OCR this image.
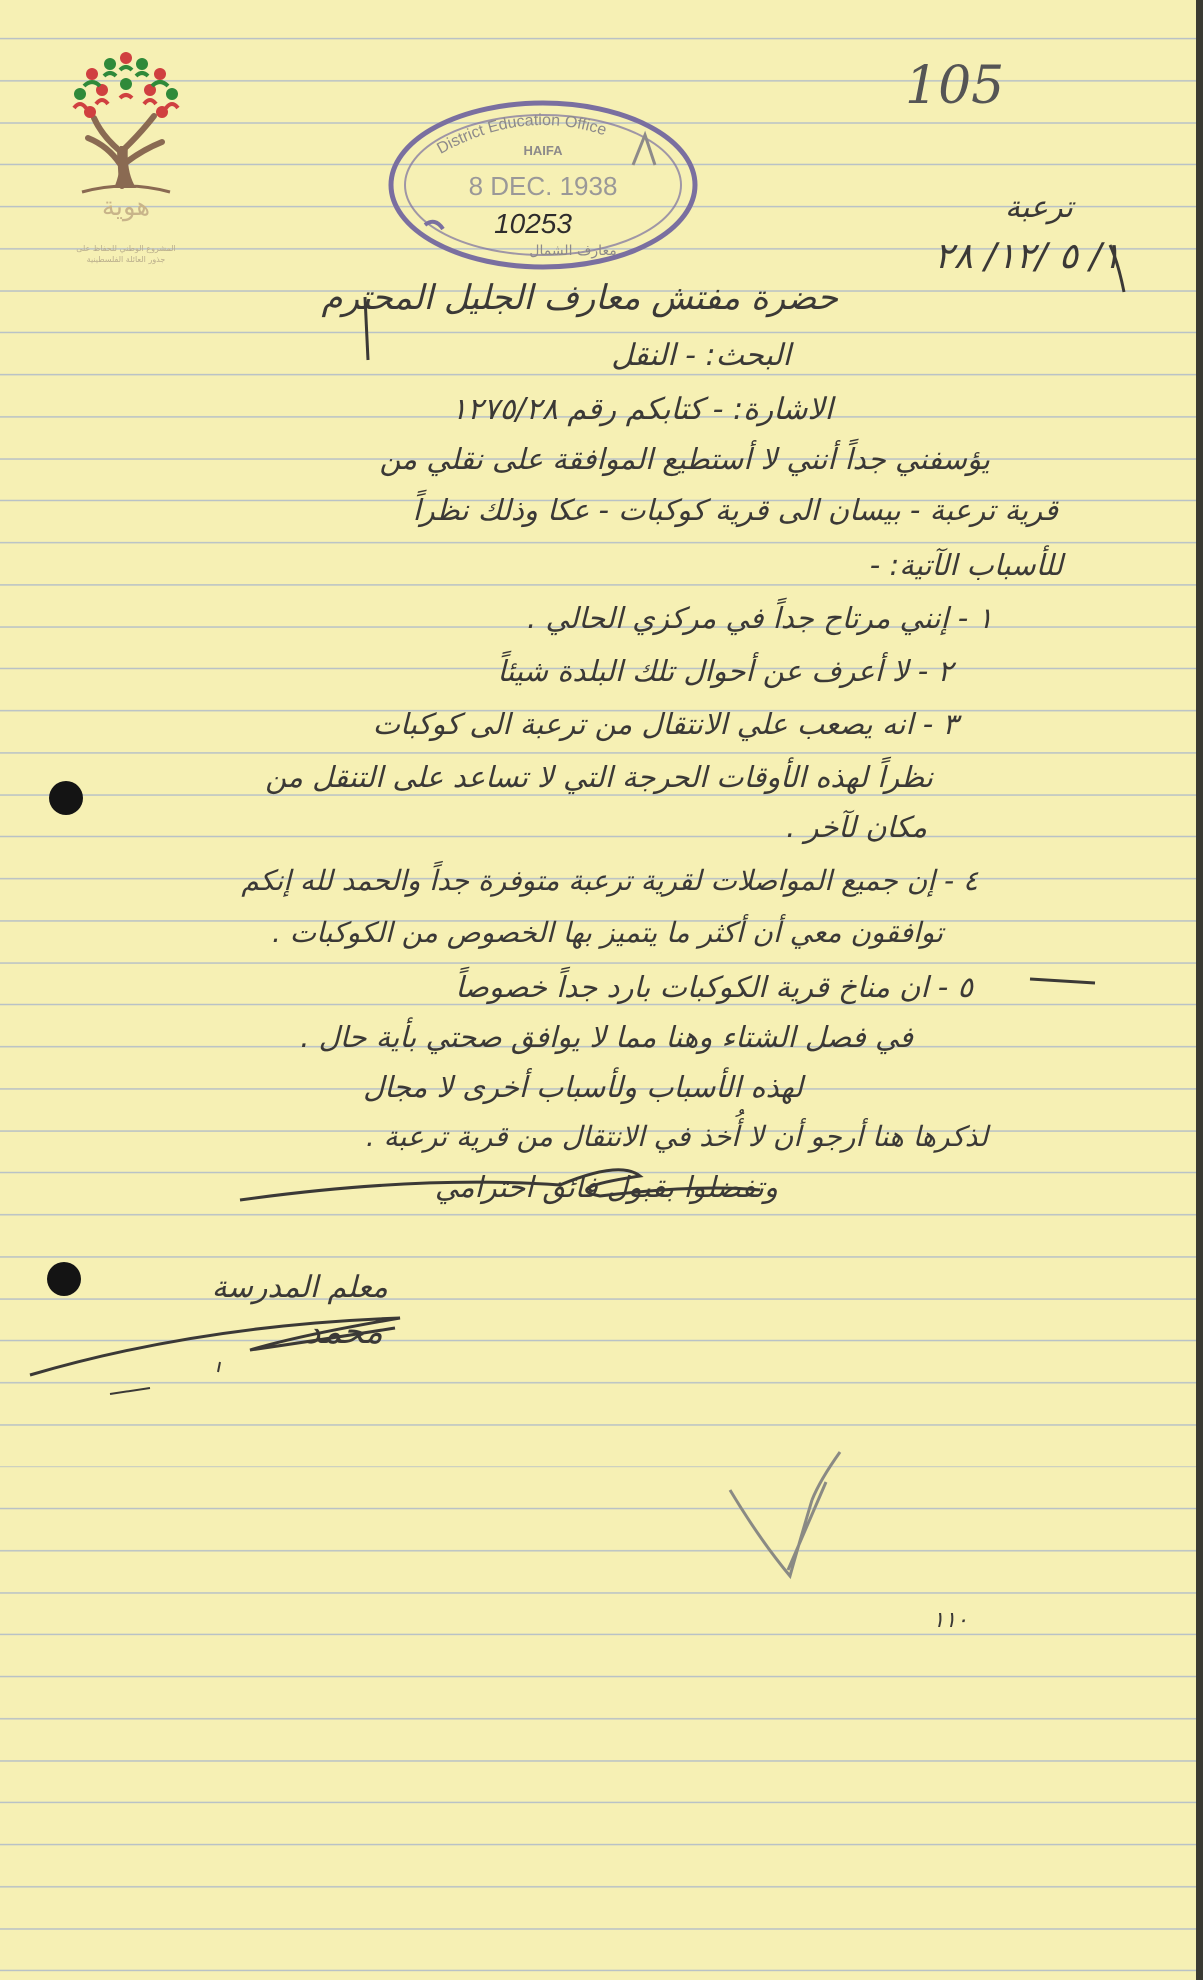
هوية
المشروع الوطني للحفاظ على
جذور العائلة الفلسطينية
105
District Education Office
HAIFA
8 DEC. 1938
10253
معارف الشمال
ترعبة
١/ ٥ /١٢/ ٢٨
حضرة مفتش معارف الجليل المحترم
البحث: - النقل
الاشارة: - كتابكم رقم ١٢٧٥/٢٨
يؤسفني جداً أنني لا أستطيع الموافقة على نقلي من
قرية ترعبة - بيسان الى قرية كوكبات - عكا وذلك نظراً
للأسباب الآتية: -
١ - إنني مرتاح جداً في مركزي الحالي .
٢ - لا أعرف عن أحوال تلك البلدة شيئاً
٣ - انه يصعب علي الانتقال من ترعبة الى كوكبات
نظراً لهذه الأوقات الحرجة التي لا تساعد على التنقل من
مكان لآخر .
٤ - إن جميع المواصلات لقرية ترعبة متوفرة جداً والحمد لله إنكم
توافقون معي أن أكثر ما يتميز بها الخصوص من الكوكبات .
٥ - ان مناخ قرية الكوكبات بارد جداً خصوصاً
في فصل الشتاء وهنا مما لا يوافق صحتي بأية حال .
لهذه الأسباب ولأسباب أخرى لا مجال
لذكرها هنا أرجو أن لا أُخذ في الانتقال من قرية ترعبة .
وتفضلوا بقبول فائق احترامي
معلم المدرسة
محمد
١١٠
